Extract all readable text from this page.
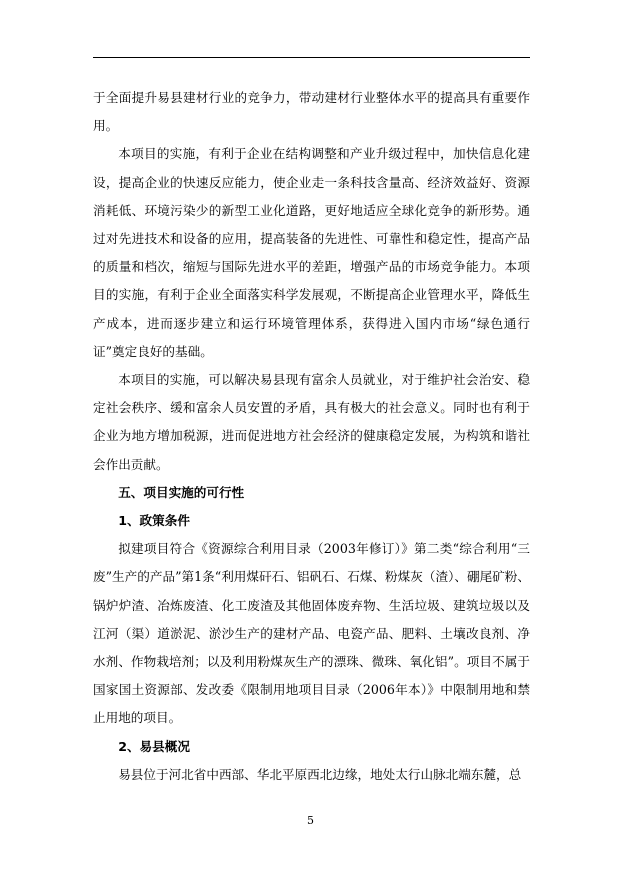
于全面提升易县建材行业的竞争力，带动建材行业整体水平的提高具有重要作用。

本项目的实施，有利于企业在结构调整和产业升级过程中，加快信息化建设，提高企业的快速反应能力，使企业走一条科技含量高、经济效益好、资源消耗低、环境污染少的新型工业化道路，更好地适应全球化竞争的新形势。通过对先进技术和设备的应用，提高装备的先进性、可靠性和稳定性，提高产品的质量和档次，缩短与国际先进水平的差距，增强产品的市场竞争能力。本项目的实施，有利于企业全面落实科学发展观，不断提高企业管理水平，降低生产成本，进而逐步建立和运行环境管理体系，获得进入国内市场“绿色通行证”奠定良好的基础。

本项目的实施，可以解决易县现有富余人员就业，对于维护社会治安、稳定社会秩序、缓和富余人员安置的矛盾，具有极大的社会意义。同时也有利于企业为地方增加税源，进而促进地方社会经济的健康稳定发展，为构筑和谐社会作出贡献。

五、项目实施的可行性

1、政策条件

拟建项目符合《资源综合利用目录（2003年修订）》第二类“综合利用“三废”生产的产品”第1条“利用煤矸石、铝矾石、石煤、粉煤灰（渣）、硼尾矿粉、锅炉炉渣、冶炼废渣、化工废渣及其他固体废弃物、生活垃圾、建筑垃圾以及江河（渠）道淤泥、淤沙生产的建材产品、电瓷产品、肥料、土壤改良剂、净水剂、作物栽培剂；以及利用粉煤灰生产的漂珠、微珠、氧化铝”。项目不属于国家国土资源部、发改委《限制用地项目目录（2006年本）》中限制用地和禁止用地的项目。

2、易县概况

易县位于河北省中西部、华北平原西北边缘，地处太行山脉北端东麓，总

5
